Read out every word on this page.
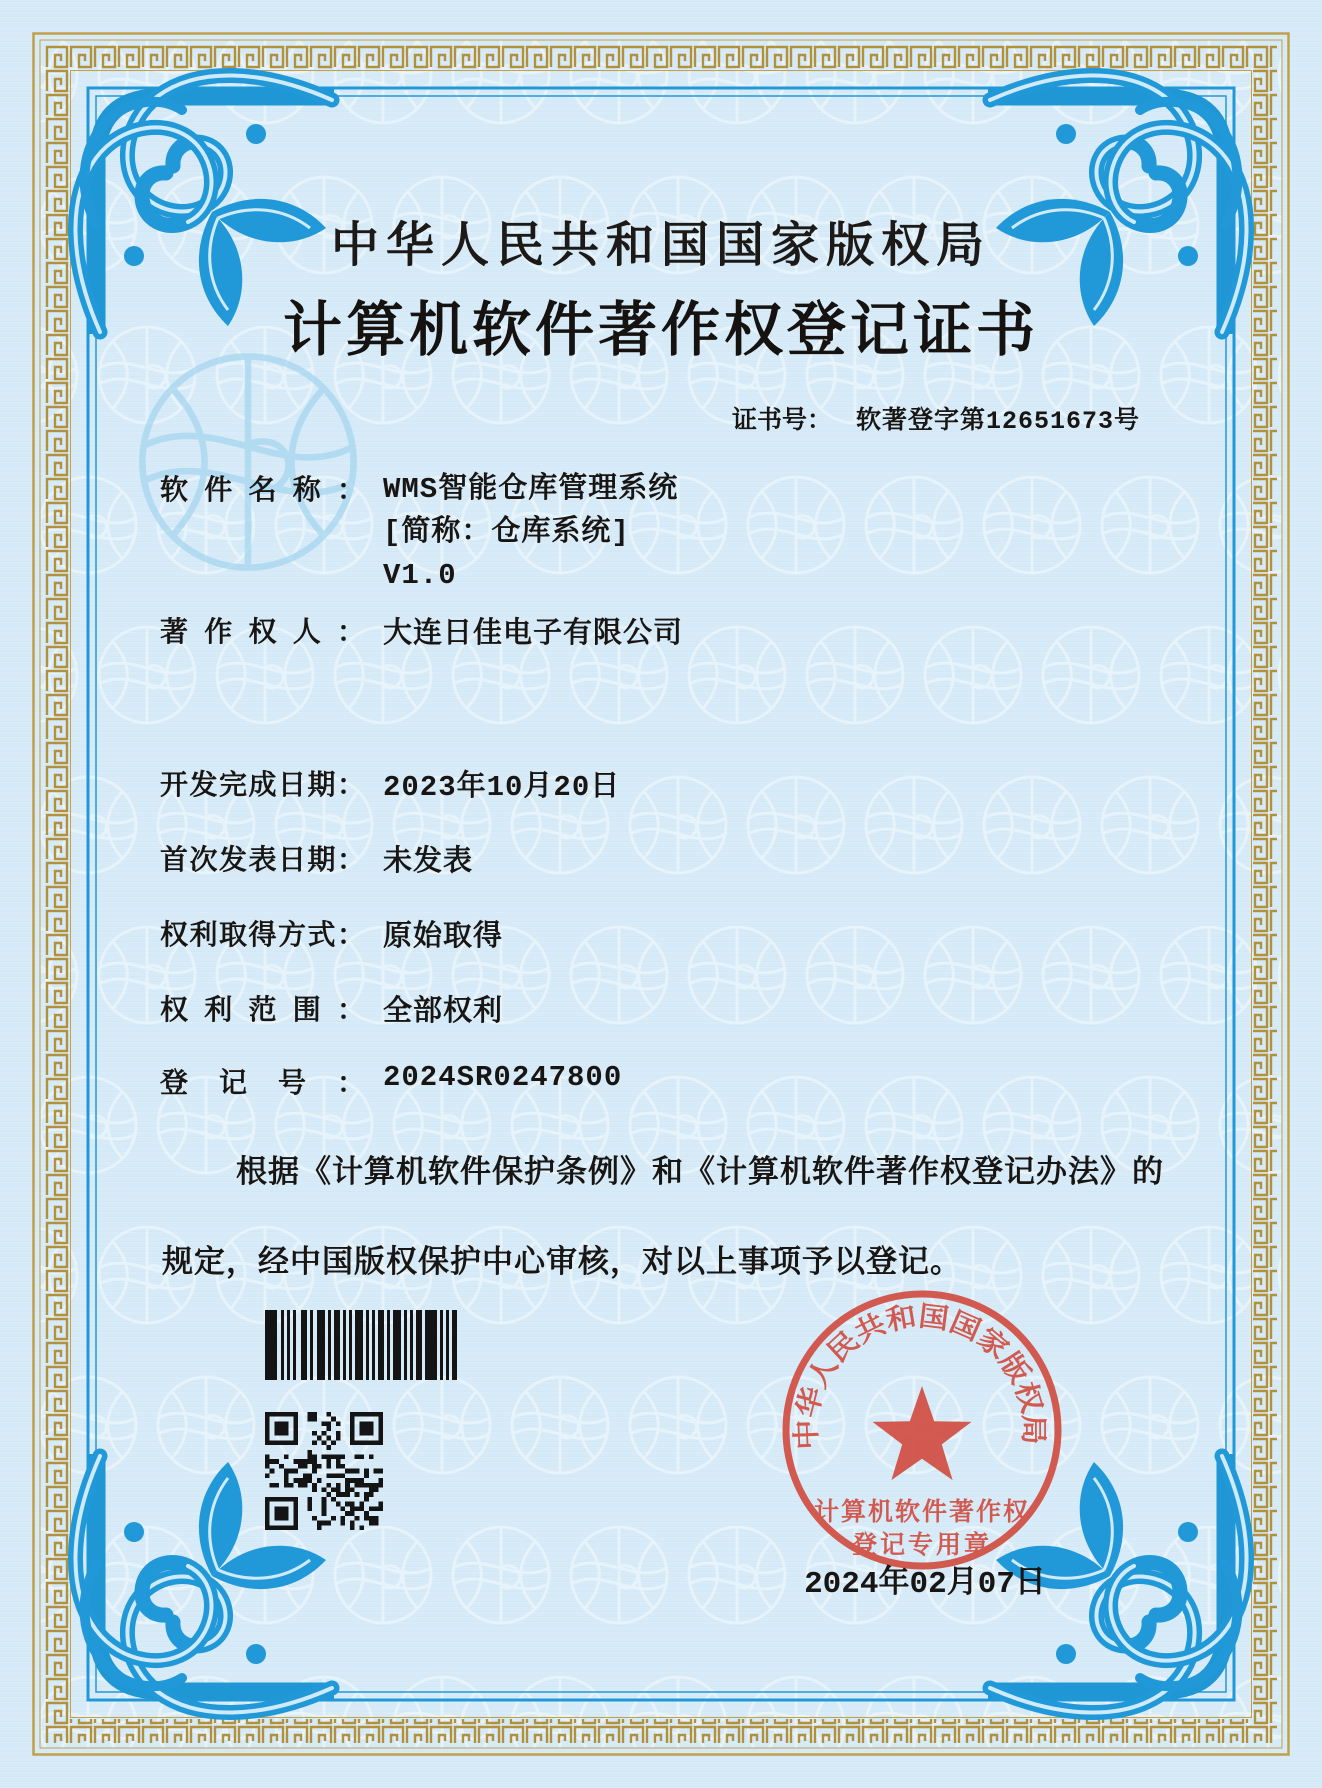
中华人民共和国国家版权局
计算机软件著作权
登记专用章
中华人民共和国国家版权局
计算机软件著作权登记证书
证书号： 软著登字第12651673号
软件名称： WMS智能仓库管理系统
[简称：仓库系统]
V1.0
著作权人： 大连日佳电子有限公司
开发完成日期： 2023年10月20日
首次发表日期： 未发表
权利取得方式： 原始取得
权利范围： 全部权利
登记号： 2024SR0247800
根据《计算机软件保护条例》和《计算机软件著作权登记办法》的
规定，经中国版权保护中心审核，对以上事项予以登记。
2024年02月07日
